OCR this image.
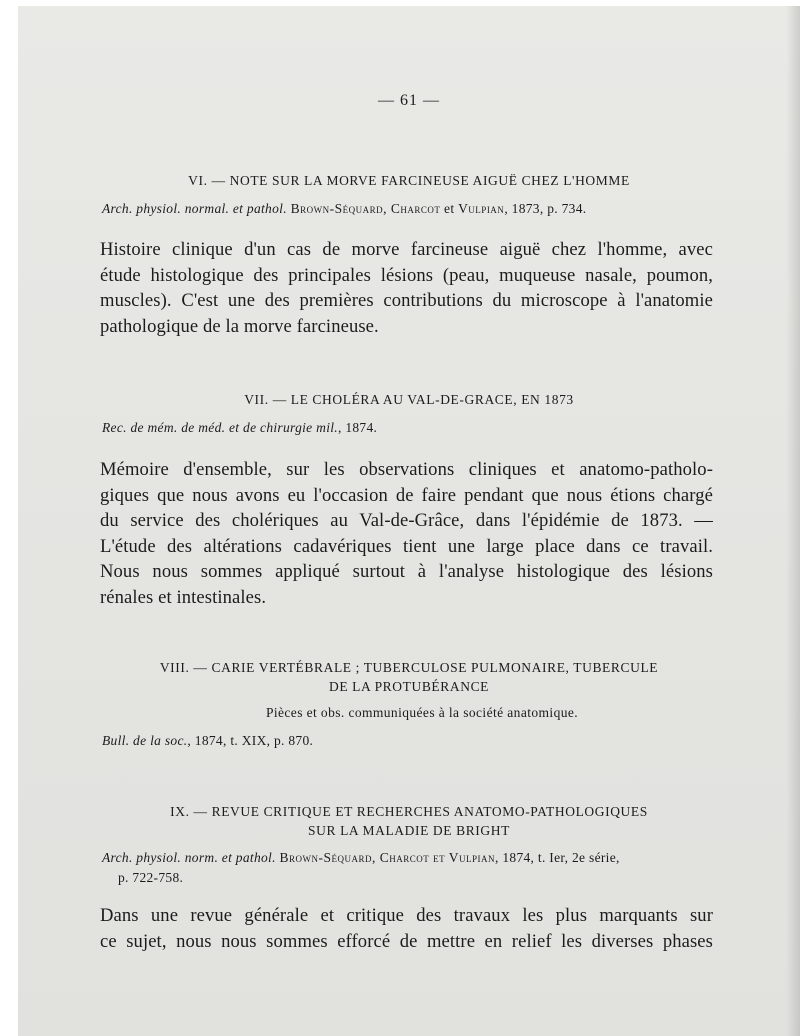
— 61 —
VI. — NOTE SUR LA MORVE FARCINEUSE AIGUË CHEZ L'HOMME
Arch. physiol. normal. et pathol. Brown-Séquard, Charcot et Vulpian, 1873, p. 734.
Histoire clinique d'un cas de morve farcineuse aiguë chez l'homme, avec
étude histologique des principales lésions (peau, muqueuse nasale, poumon,
muscles). C'est une des premières contributions du microscope à l'anatomie
pathologique de la morve farcineuse.
VII. — LE CHOLÉRA AU VAL-DE-GRACE, EN 1873
Rec. de mém. de méd. et de chirurgie mil., 1874.
Mémoire d'ensemble, sur les observations cliniques et anatomo-patholo-
giques que nous avons eu l'occasion de faire pendant que nous étions chargé
du service des cholériques au Val-de-Grâce, dans l'épidémie de 1873. —
L'étude des altérations cadavériques tient une large place dans ce travail.
Nous nous sommes appliqué surtout à l'analyse histologique des lésions
rénales et intestinales.
VIII. — CARIE VERTÉBRALE ; TUBERCULOSE PULMONAIRE, TUBERCULE
DE LA PROTUBÉRANCE
Pièces et obs. communiquées à la société anatomique.
Bull. de la soc., 1874, t. XIX, p. 870.
IX. — REVUE CRITIQUE ET RECHERCHES ANATOMO-PATHOLOGIQUES
SUR LA MALADIE DE BRIGHT
Arch. physiol. norm. et pathol. Brown-Séquard, Charcot et Vulpian, 1874, t. Ier, 2e série,
p. 722-758.
Dans une revue générale et critique des travaux les plus marquants sur
ce sujet, nous nous sommes efforcé de mettre en relief les diverses phases
